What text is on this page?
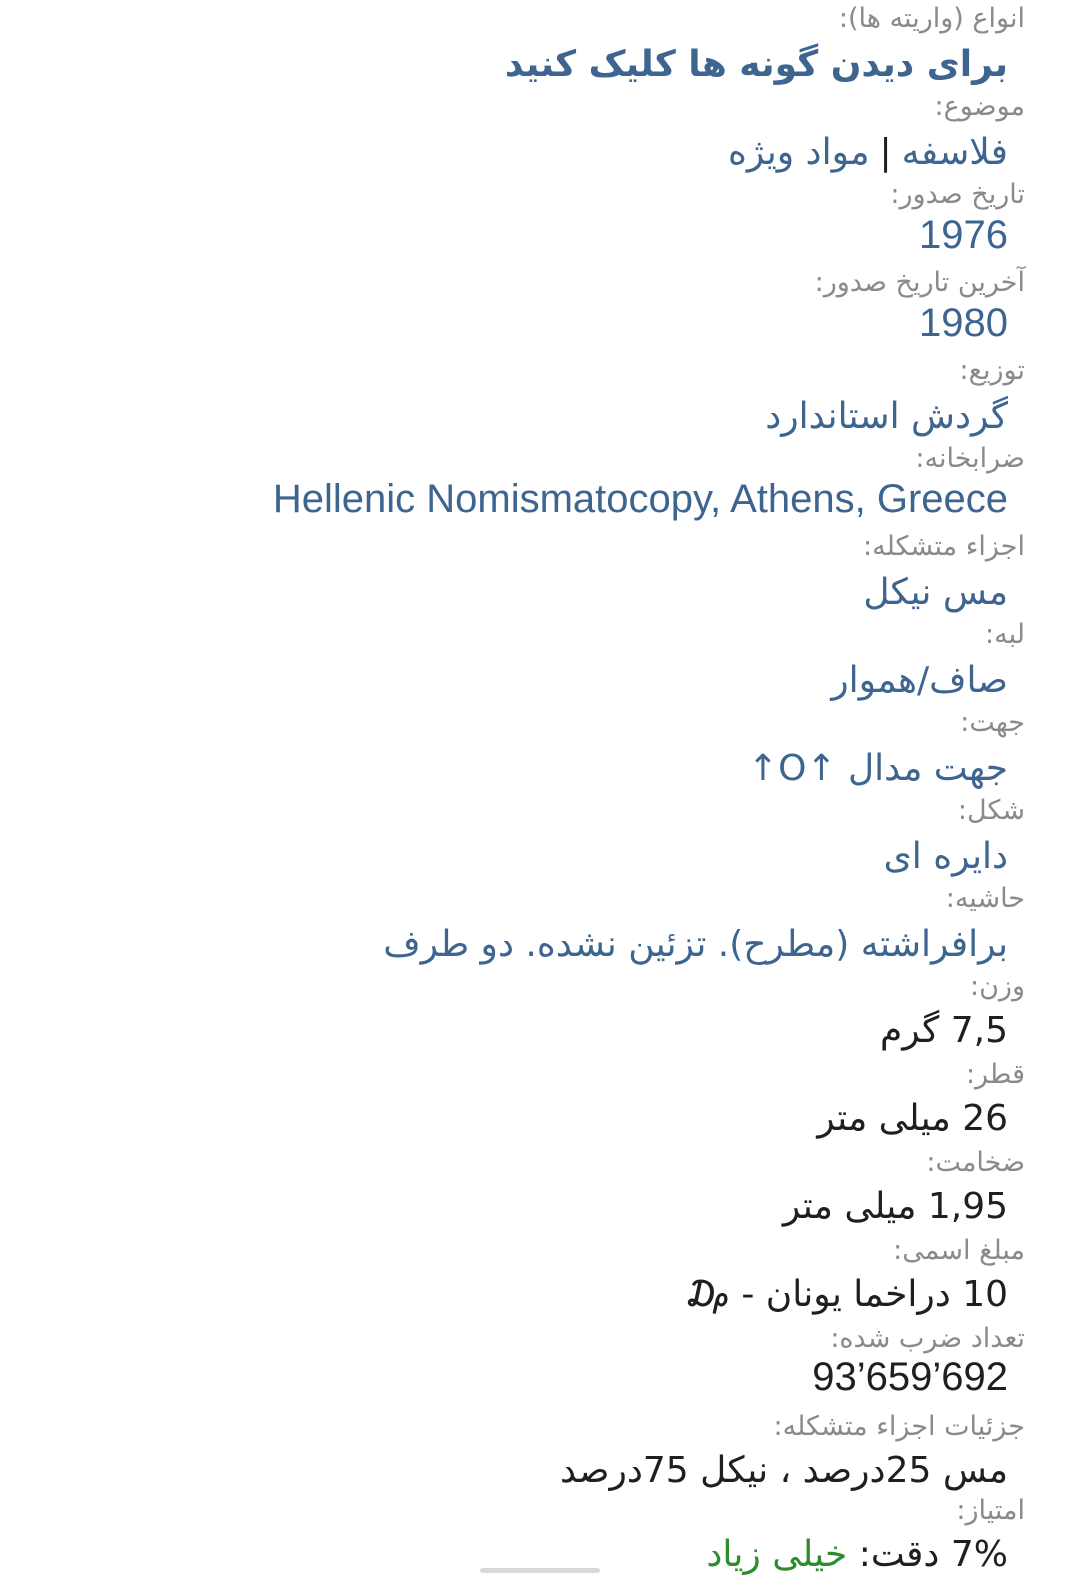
انواع (واریته ها):
برای دیدن گونه ها کلیک کنید
موضوع:
فلاسفه|مواد ویژه
تاریخ صدور:
1976
آخرین تاریخ صدور:
1980
توزیع:
گردش استاندارد
ضرابخانه:
Hellenic Nomismatocopy, Athens, Greece
اجزاء متشکله:
مس نیکل
لبه:
صاف/هموار
جهت:
جهت مدال ↑O↑
شکل:
دایره ای
حاشیه:
برافراشته (مطرح). تزئین نشده. دو طرف
وزن:
7,5 گرم
قطر:
26 میلی متر
ضخامت:
1,95 میلی متر
مبلغ اسمی:
10 دراخما یونان - ₯
تعداد ضرب شده:
93’659’692
جزئیات اجزاء متشکله:
مس 25درصد ، نیکل 75درصد
امتیاز:
7% دقت: خیلی زیاد
